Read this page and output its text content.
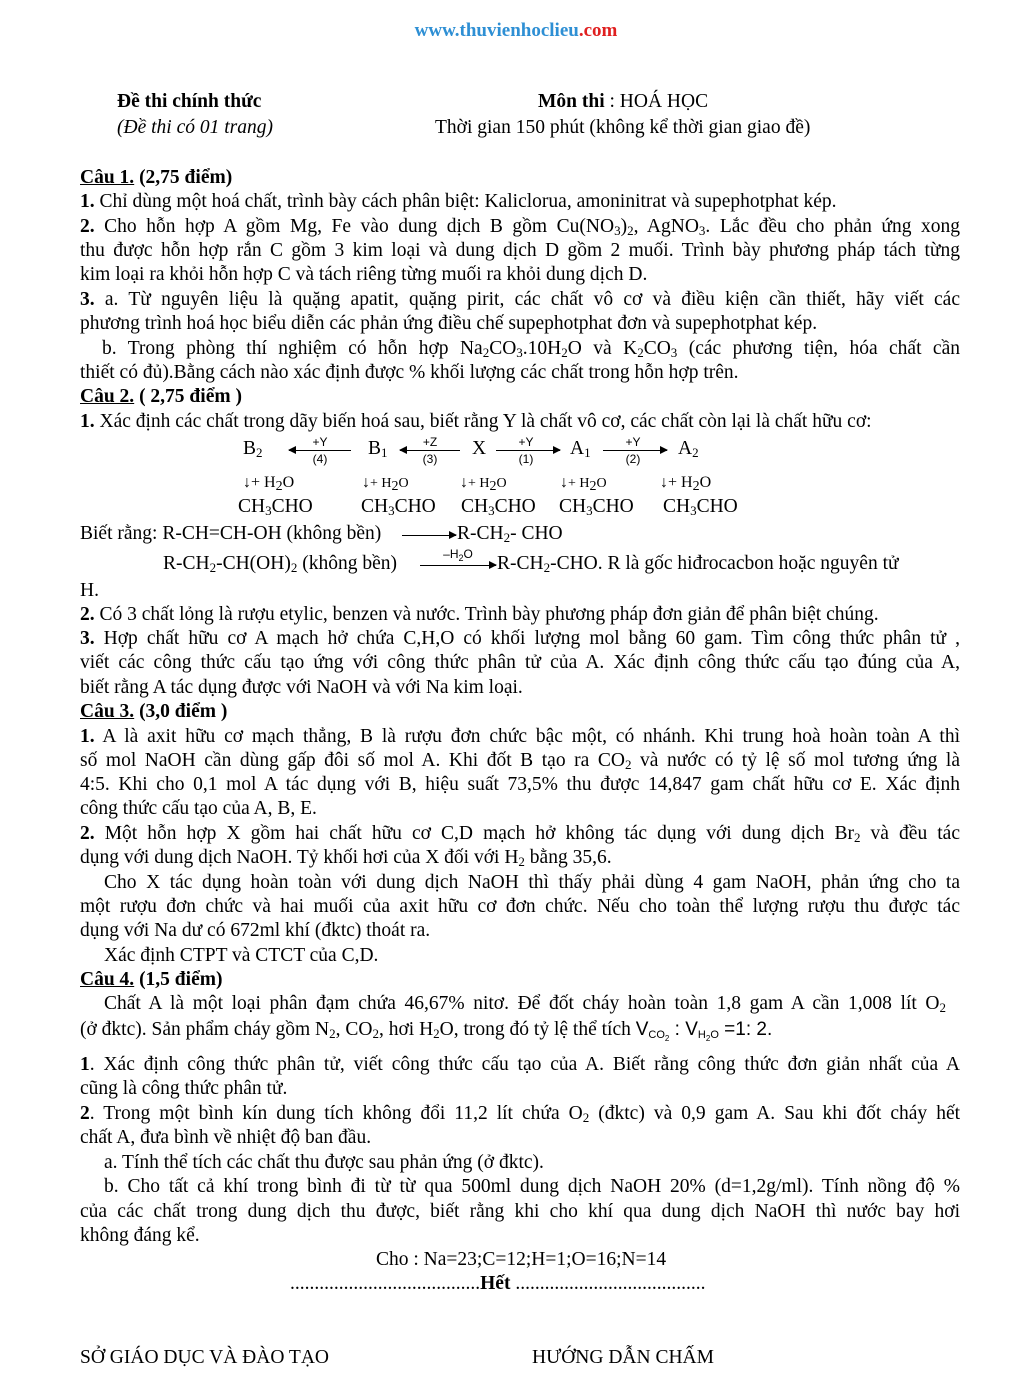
www.thuvienhoclieu.com
Đề thi chính thức
(Đề thi có 01 trang)
Môn thi : HOÁ HỌC
Thời gian 150 phút (không kể thời gian giao đề)
Câu 1. (2,75 điểm)
1. Chỉ dùng một hoá chất, trình bày cách phân biệt: Kaliclorua, amoninitrat và supephotphat kép.
2. Cho hỗn hợp A gồm Mg, Fe vào dung dịch B gồm $Cu(NO_3)_2$, AgNO$_3$. Lắc đều cho phản ứng xong
thu được hỗn hợp rắn C gồm 3 kim loại và dung dịch D gồm 2 muối. Trình bày phương pháp tách từng
kim loại ra khỏi hỗn hợp C và tách riêng từng muối ra khỏi dung dịch D.
3. a. Từ nguyên liệu là quặng apatit, quặng pirit, các chất vô cơ và điều kiện cần thiết, hãy viết các
phương trình hoá học biểu diễn các phản ứng điều chế supephotphat đơn và supephotphat kép.
b. Trong phòng thí nghiệm có hỗn hợp $Na_2CO_3.10H_2O$ và $K_2CO_3$ (các phương tiện, hóa chất cần
thiết có đủ).Bằng cách nào xác định được % khối lượng các chất trong hỗn hợp trên.
Câu 2. ( 2,75 điểm )
1. Xác định các chất trong dãy biến hoá sau, biết rằng Y là chất vô cơ, các chất còn lại là chất hữu cơ:
$B_2$
+Y
(4)	$B_1$
+Z
(3)	X	+Y
(1)	$A_1$
+Y
(2)	$A_2$
↓+ $H_2O$	↓+ $H_2O$	↓+ $H_2O$	↓+ $H_2O$	↓+ $H_2O$
$CH_3CHO$ $CH_3CHO$ $CH_3CHO$ $CH_3CHO$ $CH_3CHO$
Biết rằng: R-CH=CH-OH (không bền)	$R-CH_2-$ CHO
$R-CH_2-CH(OH)_2$ (không bền)	$-H_2O$	$R-CH_2$-CHO. R là gốc hiđrocacbon hoặc nguyên tử
H.
2. Có 3 chất lỏng là rượu etylic, benzen và nước. Trình bày phương pháp đơn giản để phân biệt chúng.
3. Hợp chất hữu cơ A mạch hở chứa C,H,O có khối lượng mol bằng 60 gam. Tìm công thức phân tử ,
viết các công thức cấu tạo ứng với công thức phân tử của A. Xác định công thức cấu tạo đúng của A,
biết rằng A tác dụng được với NaOH và với Na kim loại.
Câu 3. (3,0 điểm )
1. A là axit hữu cơ mạch thẳng, B là rượu đơn chức bậc một, có nhánh. Khi trung hoà hoàn toàn A thì
số mol NaOH cần dùng gấp đôi số mol A. Khi đốt B tạo ra $CO_2$ và nước có tỷ lệ số mol tương ứng là
4:5. Khi cho 0,1 mol A tác dụng với B, hiệu suất 73,5% thu được 14,847 gam chất hữu cơ E. Xác định
công thức cấu tạo của A, B, E.
2. Một hỗn hợp X gồm hai chất hữu cơ C,D mạch hở không tác dụng với dung dịch $Br_2$ và đều tác
dụng với dung dịch NaOH. Tỷ khối hơi của X đối với $H_2$ bằng 35,6.
Cho X tác dụng hoàn toàn với dung dịch NaOH thì thấy phải dùng 4 gam NaOH, phản ứng cho ta
một rượu đơn chức và hai muối của axit hữu cơ đơn chức. Nếu cho toàn thể lượng rượu thu được tác
dụng với Na dư có 672ml khí (đktc) thoát ra.
Xác định CTPT và CTCT của C,D.
Câu 4. (1,5 điểm)
Chất A là một loại phân đạm chứa 46,67% nitơ. Để đốt cháy hoàn toàn 1,8 gam A cần 1,008 lít $O_2$
(ở đktc). Sản phẩm cháy gồm $N_2$, $CO_2$, hơi $H_2O$, trong đó tỷ lệ thể tích $V_{CO_2}$ : $V_{H_2O} =1$: 2.
1. Xác định công thức phân tử, viết công thức cấu tạo của A. Biết rằng công thức đơn giản nhất của A
cũng là công thức phân tử.
2. Trong một bình kín dung tích không đổi 11,2 lít chứa $O_2$ (đktc) và 0,9 gam A. Sau khi đốt cháy hết
chất A, đưa bình về nhiệt độ ban đầu.
a. Tính thể tích các chất thu được sau phản ứng (ở đktc).
b. Cho tất cả khí trong bình đi từ từ qua 500ml dung dịch NaOH 20% (d=1,2g/ml). Tính nồng độ %
của các chất trong dung dịch thu được, biết rằng khi cho khí qua dung dịch NaOH thì nước bay hơi
không đáng kể.
Cho : Na=23;C=12;H=1;O=16;N=14
.......................................Hết .......................................
SỞ GIÁO DỤC VÀ ĐÀO TẠO	HƯỚNG DẪN CHẤM
